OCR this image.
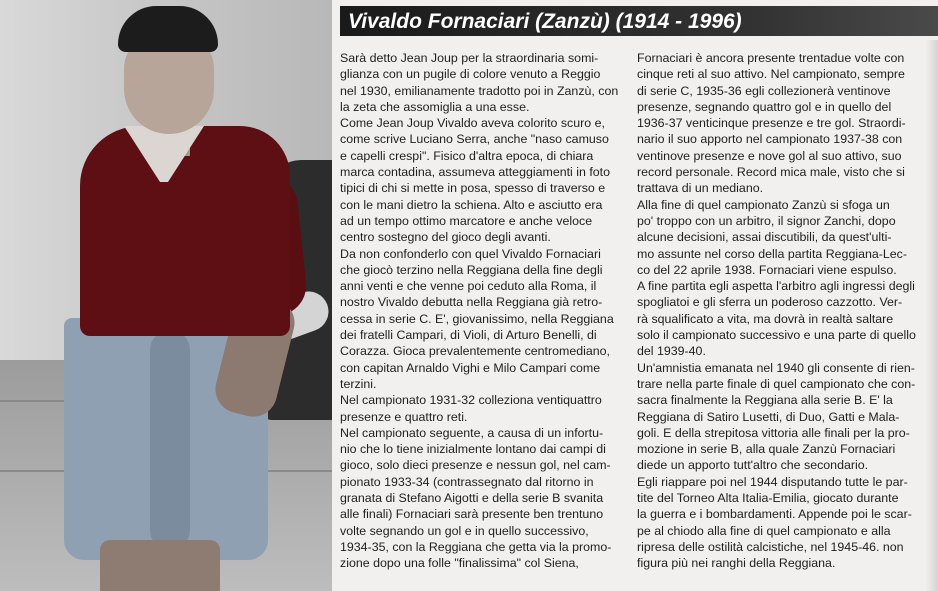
Vivaldo Fornaciari (Zanzù) (1914 - 1996)

Sarà detto Jean Joup per la straordinaria somi-
glianza con un pugile di colore venuto a Reggio
nel 1930, emilianamente tradotto poi in Zanzù, con
la zeta che assomiglia a una esse.

Come Jean Joup Vivaldo aveva colorito scuro e,
come scrive Luciano Serra, anche "naso camuso
e capelli crespi". Fisico d'altra epoca, di chiara
marca contadina, assumeva atteggiamenti in foto
tipici di chi si mette in posa, spesso di traverso e
con le mani dietro la schiena. Alto e asciutto era
ad un tempo ottimo marcatore e anche veloce
centro sostegno del gioco degli avanti.

Da non confonderlo con quel Vivaldo Fornaciari
che giocò terzino nella Reggiana della fine degli
anni venti e che venne poi ceduto alla Roma, il
nostro Vivaldo debutta nella Reggiana già retro-
cessa in serie C. E', giovanissimo, nella Reggiana
dei fratelli Campari, di Violi, di Arturo Benelli, di
Corazza. Gioca prevalentemente centromediano,
con capitan Arnaldo Vighi e Milo Campari come
terzini.

Nel campionato 1931-32 colleziona ventiquattro
presenze e quattro reti.

Nel campionato seguente, a causa di un infortu-
nio che lo tiene inizialmente lontano dai campi di
gioco, solo dieci presenze e nessun gol, nel cam-
pionato 1933-34 (contrassegnato dal ritorno in
granata di Stefano Aigotti e della serie B svanita
alle finali) Fornaciari sarà presente ben trentuno
volte segnando un gol e in quello successivo,
1934-35, con la Reggiana che getta via la promo-
zione dopo una folle "finalissima" col Siena,

Fornaciari è ancora presente trentadue volte con
cinque reti al suo attivo. Nel campionato, sempre
di serie C, 1935-36 egli collezionerà ventinove
presenze, segnando quattro gol e in quello del
1936-37 venticinque presenze e tre gol. Straordi-
nario il suo apporto nel campionato 1937-38 con
ventinove presenze e nove gol al suo attivo, suo
record personale. Record mica male, visto che si
trattava di un mediano.

Alla fine di quel campionato Zanzù si sfoga un
po' troppo con un arbitro, il signor Zanchi, dopo
alcune decisioni, assai discutibili, da quest'ulti-
mo assunte nel corso della partita Reggiana-Lec-
co del 22 aprile 1938. Fornaciari viene espulso.

A fine partita egli aspetta l'arbitro agli ingressi degli
spogliatoi e gli sferra un poderoso cazzotto. Ver-
rà squalificato a vita, ma dovrà in realtà saltare
solo il campionato successivo e una parte di quello
del 1939-40.

Un'amnistia emanata nel 1940 gli consente di rien-
trare nella parte finale di quel campionato che con-
sacra finalmente la Reggiana alla serie B. E' la
Reggiana di Satiro Lusetti, di Duo, Gatti e Mala-
goli. E della strepitosa vittoria alle finali per la pro-
mozione in serie B, alla quale Zanzù Fornaciari
diede un apporto tutt'altro che secondario.

Egli riappare poi nel 1944 disputando tutte le par-
tite del Torneo Alta Italia-Emilia, giocato durante
la guerra e i bombardamenti. Appende poi le scar-
pe al chiodo alla fine di quel campionato e alla
ripresa delle ostilità calcistiche, nel 1945-46. non
figura più nei ranghi della Reggiana.
